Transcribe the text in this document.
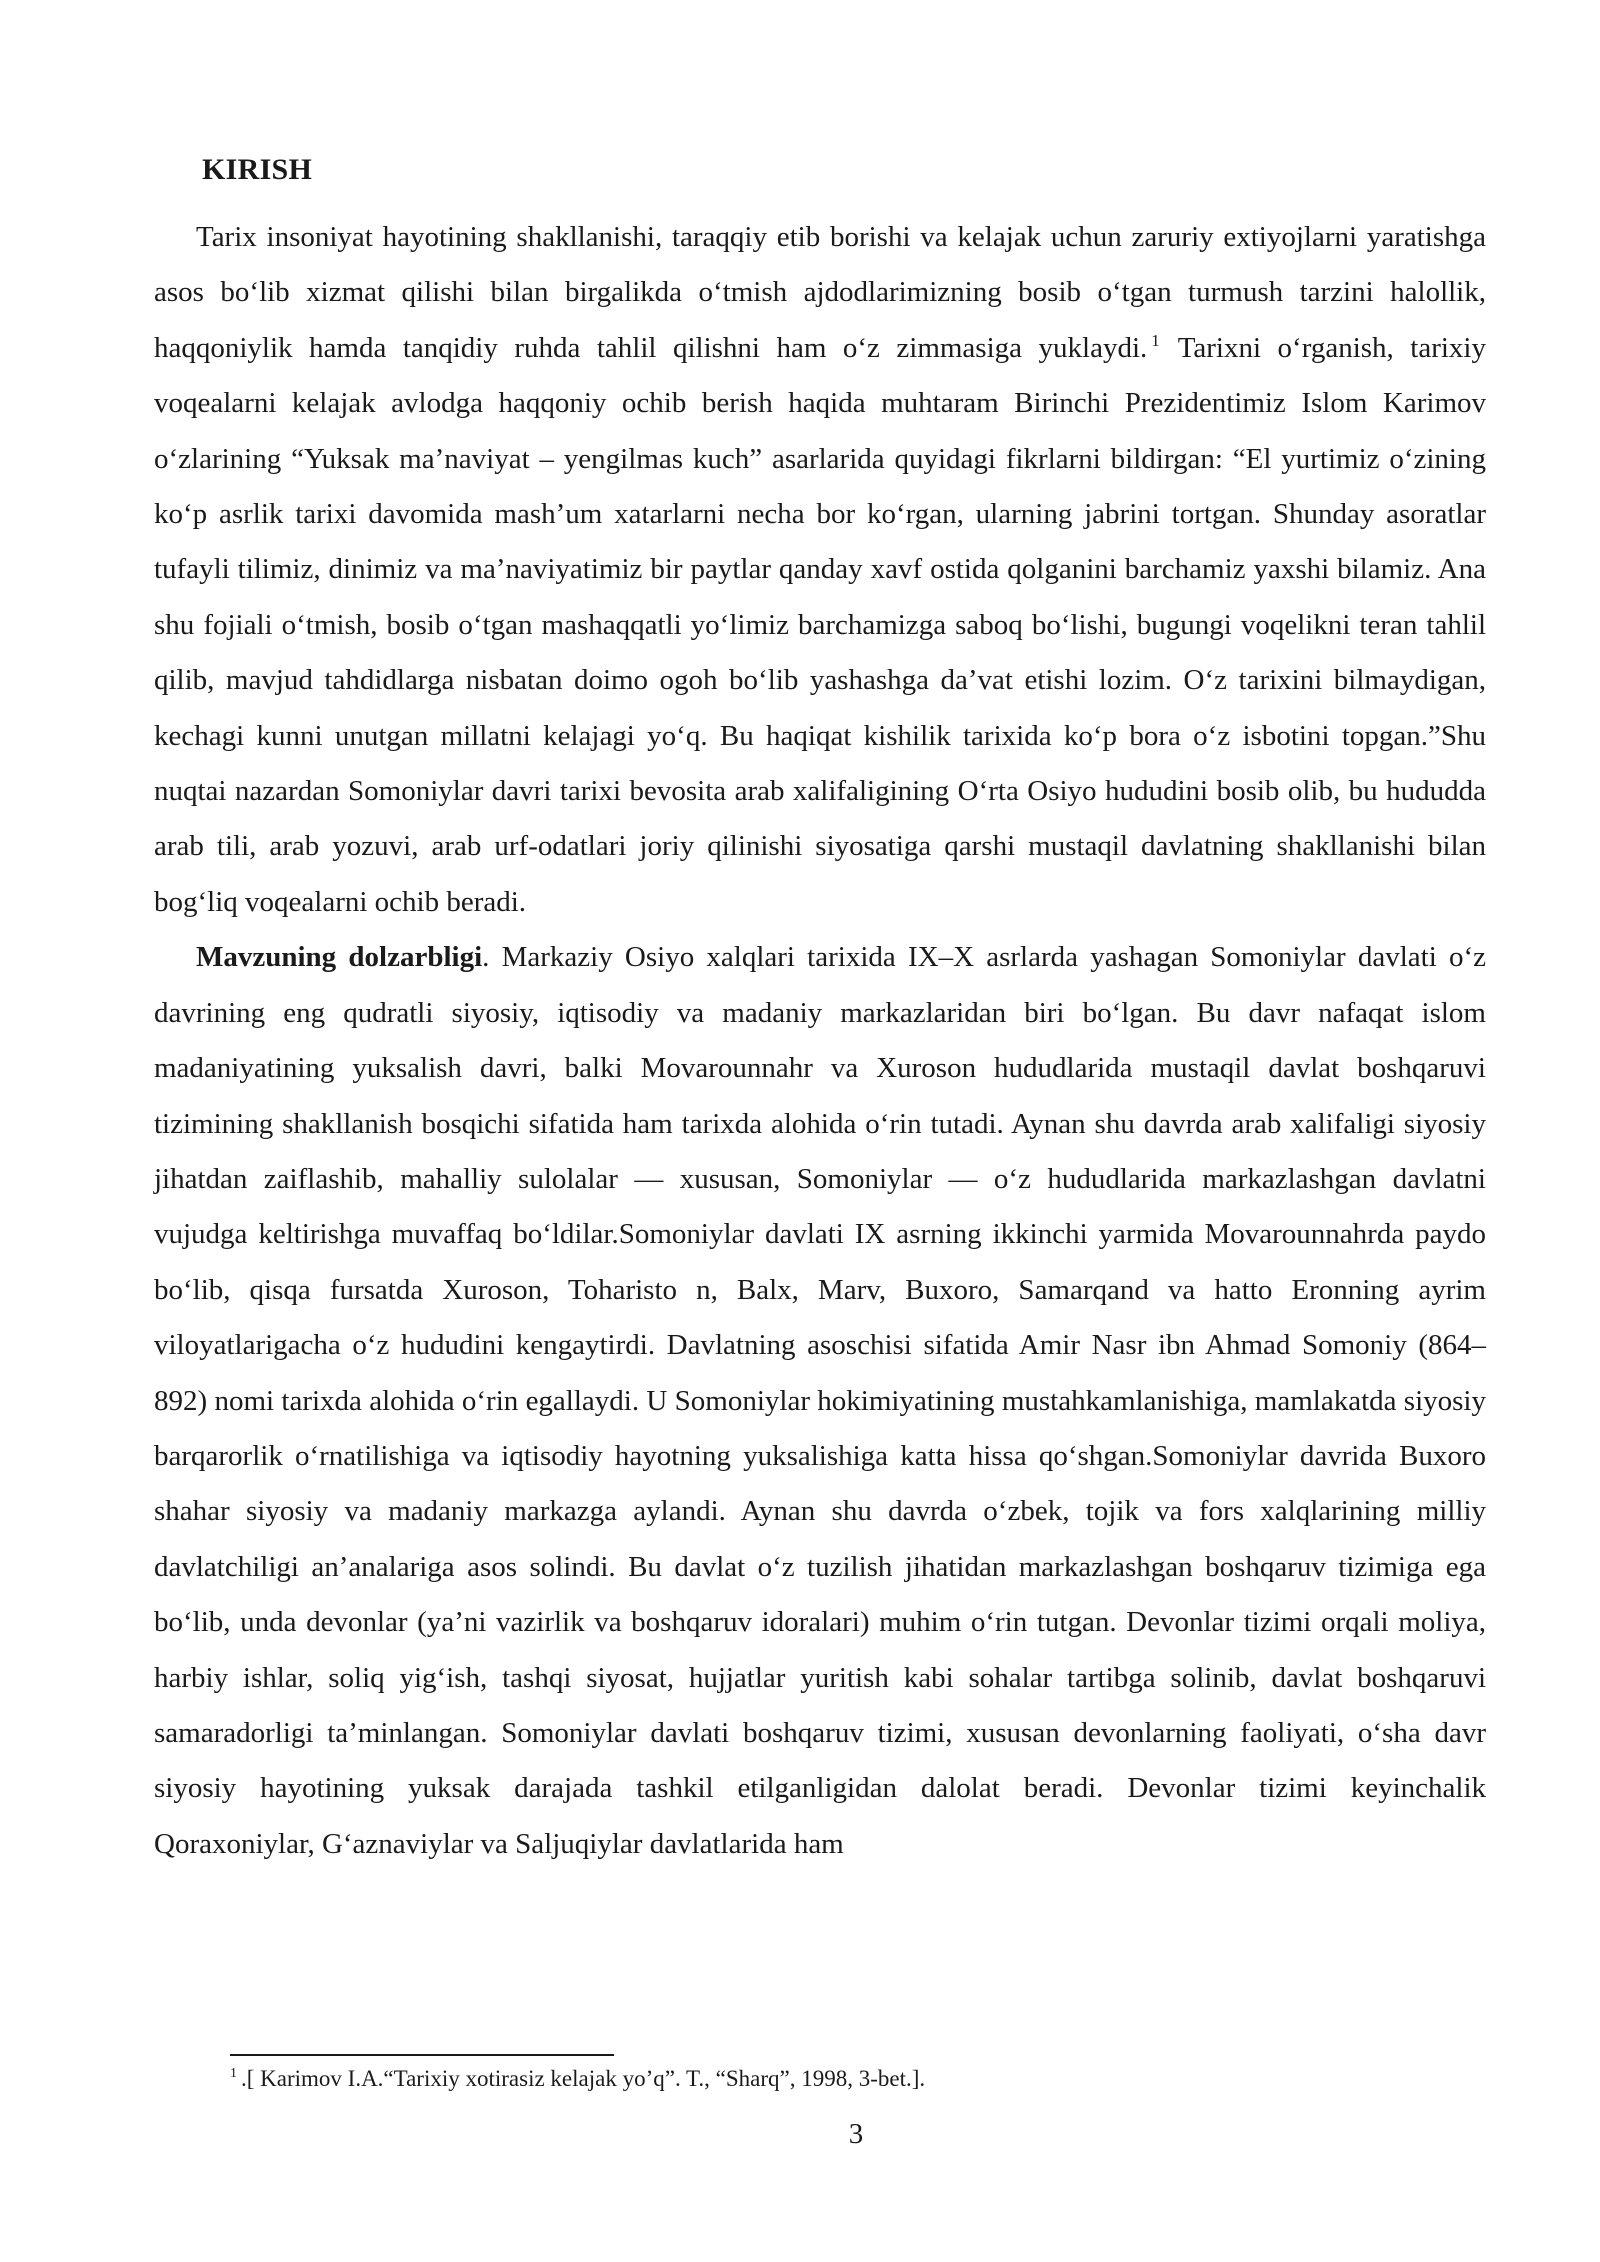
KIRISH

Tarix insoniyat hayotining shakllanishi, taraqqiy etib borishi va kelajak uchun zaruriy extiyojlarni yaratishga asos bo‘lib xizmat qilishi bilan birgalikda o‘tmish ajdodlarimizning bosib o‘tgan turmush tarzini halollik, haqqoniylik hamda tanqidiy ruhda tahlil qilishni ham o‘z zimmasiga yuklaydi. $^1$ Tarixni o‘rganish, tarixiy voqealarni kelajak avlodga haqqoniy ochib berish haqida muhtaram Birinchi Prezidentimiz Islom Karimov o‘zlarining “Yuksak ma’naviyat – yengilmas kuch” asarlarida quyidagi fikrlarni bildirgan: “El yurtimiz o‘zining ko‘p asrlik tarixi davomida mash’um xatarlarni necha bor ko‘rgan, ularning jabrini tortgan. Shunday asoratlar tufayli tilimiz, dinimiz va ma’naviyatimiz bir paytlar qanday xavf ostida qolganini barchamiz yaxshi bilamiz. Ana shu fojiali o‘tmish, bosib o‘tgan mashaqqatli yo‘limiz barchamizga saboq bo‘lishi, bugungi voqelikni teran tahlil qilib, mavjud tahdidlarga nisbatan doimo ogoh bo‘lib yashashga da’vat etishi lozim. O‘z tarixini bilmaydigan, kechagi kunni unutgan millatni kelajagi yo‘q. Bu haqiqat kishilik tarixida ko‘p bora o‘z isbotini topgan.”Shu nuqtai nazardan Somoniylar davri tarixi bevosita arab xalifaligining O‘rta Osiyo hududini bosib olib, bu hududda arab tili, arab yozuvi, arab urf-odatlari joriy qilinishi siyosatiga qarshi mustaqil davlatning shakllanishi bilan bog‘liq voqealarni ochib beradi.

Mavzuning dolzarbligi. Markaziy Osiyo xalqlari tarixida IX–X asrlarda yashagan Somoniylar davlati o‘z davrining eng qudratli siyosiy, iqtisodiy va madaniy markazlaridan biri bo‘lgan. Bu davr nafaqat islom madaniyatining yuksalish davri, balki Movarounnahr va Xuroson hududlarida mustaqil davlat boshqaruvi tizimining shakllanish bosqichi sifatida ham tarixda alohida o‘rin tutadi. Aynan shu davrda arab xalifaligi siyosiy jihatdan zaiflashib, mahalliy sulolalar — xususan, Somoniylar — o‘z hududlarida markazlashgan davlatni vujudga keltirishga muvaffaq bo‘ldilar.Somoniylar davlati IX asrning ikkinchi yarmida Movarounnahrda paydo bo‘lib, qisqa fursatda Xuroson, Toharisto n, Balx, Marv, Buxoro, Samarqand va hatto Eronning ayrim viloyatlarigacha o‘z hududini kengaytirdi. Davlatning asoschisi sifatida Amir Nasr ibn Ahmad Somoniy (864–892) nomi tarixda alohida o‘rin egallaydi. U Somoniylar hokimiyatining mustahkamlanishiga, mamlakatda siyosiy barqarorlik o‘rnatilishiga va iqtisodiy hayotning yuksalishiga katta hissa qo‘shgan.Somoniylar davrida Buxoro shahar siyosiy va madaniy markazga aylandi. Aynan shu davrda o‘zbek, tojik va fors xalqlarining milliy davlatchiligi an’analariga asos solindi. Bu davlat o‘z tuzilish jihatidan markazlashgan boshqaruv tizimiga ega bo‘lib, unda devonlar (ya’ni vazirlik va boshqaruv idoralari) muhim o‘rin tutgan. Devonlar tizimi orqali moliya, harbiy ishlar, soliq yig‘ish, tashqi siyosat, hujjatlar yuritish kabi sohalar tartibga solinib, davlat boshqaruvi samaradorligi ta’minlangan. Somoniylar davlati boshqaruv tizimi, xususan devonlarning faoliyati, o‘sha davr siyosiy hayotining yuksak darajada tashkil etilganligidan dalolat beradi. Devonlar tizimi keyinchalik Qoraxoniylar, G‘aznaviylar va Saljuqiylar davlatlarida ham

$^1$ .[ Karimov I.A.“Tarixiy xotirasiz kelajak yo’q”. T., “Sharq”, 1998, 3-bet.].
3
